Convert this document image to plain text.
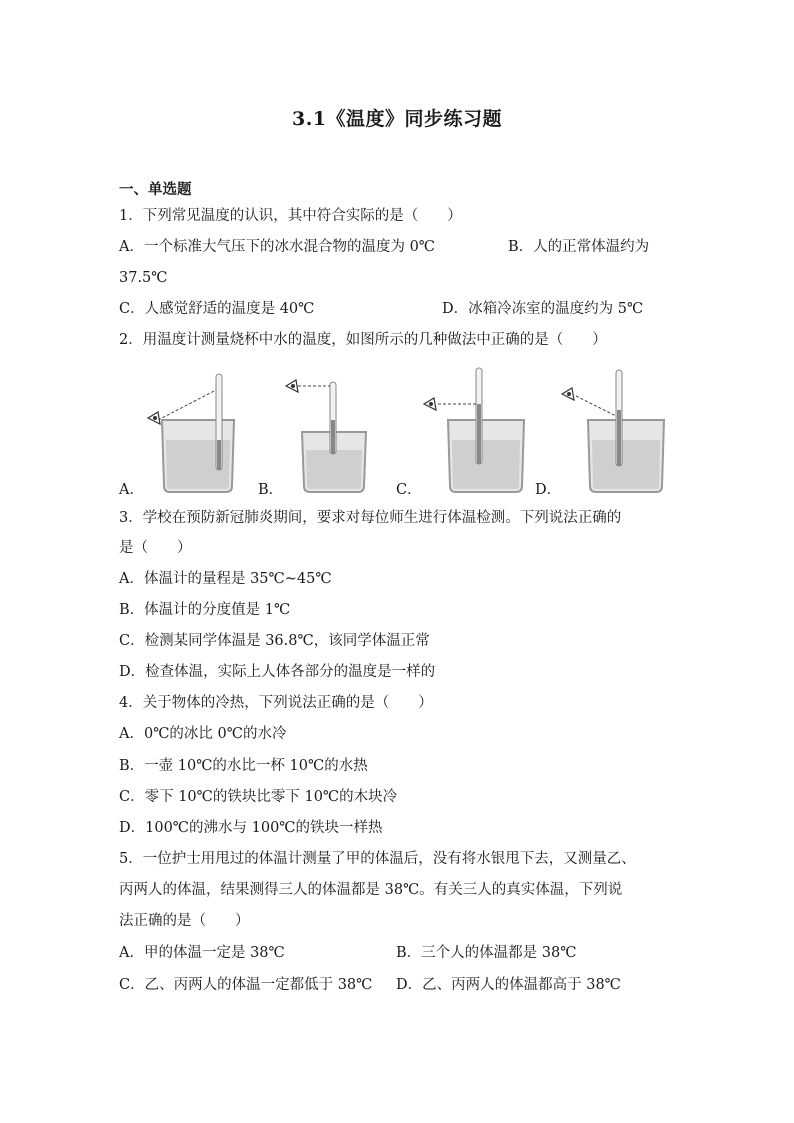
3.1《温度》同步练习题
一、单选题
1．下列常见温度的认识，其中符合实际的是（　　）
A．一个标准大气压下的冰水混合物的温度为 0℃	B．人的正常体温约为
37.5℃
C．人感觉舒适的温度是 40℃	D．冰箱冷冻室的温度约为 5℃
2．用温度计测量烧杯中水的温度，如图所示的几种做法中正确的是（　　）
A．	B．	C．	D．
3．学校在预防新冠肺炎期间，要求对每位师生进行体温检测。下列说法正确的
是（　　）
A．体温计的量程是 35℃~45℃
B．体温计的分度值是 1℃
C．检测某同学体温是 36.8℃，该同学体温正常
D．检查体温，实际上人体各部分的温度是一样的
4．关于物体的冷热，下列说法正确的是（　　）
A．0℃的冰比 0℃的水冷
B．一壶 10℃的水比一杯 10℃的水热
C．零下 10℃的铁块比零下 10℃的木块冷
D．100℃的沸水与 100℃的铁块一样热
5．一位护士用甩过的体温计测量了甲的体温后，没有将水银甩下去，又测量乙、
丙两人的体温，结果测得三人的体温都是 38℃。有关三人的真实体温，下列说
法正确的是（　　）
A．甲的体温一定是 38℃	B．三个人的体温都是 38℃
C．乙、丙两人的体温一定都低于 38℃ D．乙、丙两人的体温都高于 38℃
